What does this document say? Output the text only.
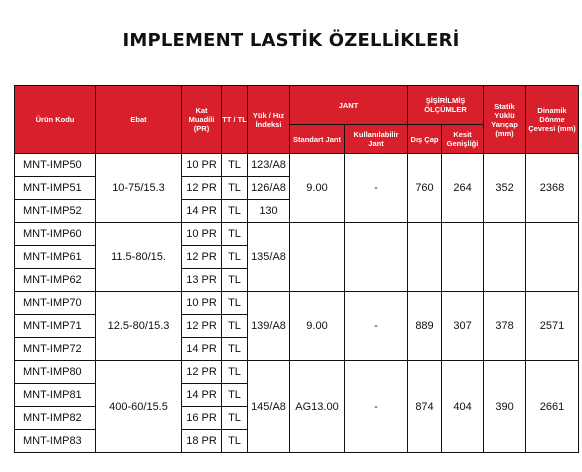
IMPLEMENT LASTİK ÖZELLİKLERİ
Ürün Kodu	Ebat	Kat Muadili (PR)	TT / TL	Yük / Hız İndeksi	JANT		ŞİŞİRİLMİŞ ÖLÇÜMLER		Statik Yüklü Yarıçap (mm)	Dinamik Dönme Çevresi (mm)
					Standart Jant	Kullanılabilir Jant	Dış Çap	Kesit Genişliği		
MNT-IMP50	10-75/15.3	10 PR	TL	123/A8	9.00	-	760	264	352	2368
MNT-IMP51		12 PR	TL	126/A8						
MNT-IMP52		14 PR	TL	130						
MNT-IMP60	11.5-80/15.	10 PR	TL	135/A8						
MNT-IMP61		12 PR	TL							
MNT-IMP62		13 PR	TL							
MNT-IMP70	12.5-80/15.3	10 PR	TL	139/A8	9.00	-	889	307	378	2571
MNT-IMP71		12 PR	TL							
MNT-IMP72		14 PR	TL							
MNT-IMP80	400-60/15.5	12 PR	TL	145/A8	AG13.00	-	874	404	390	2661
MNT-IMP81		14 PR	TL							
MNT-IMP82		16 PR	TL							
MNT-IMP83		18 PR	TL							
